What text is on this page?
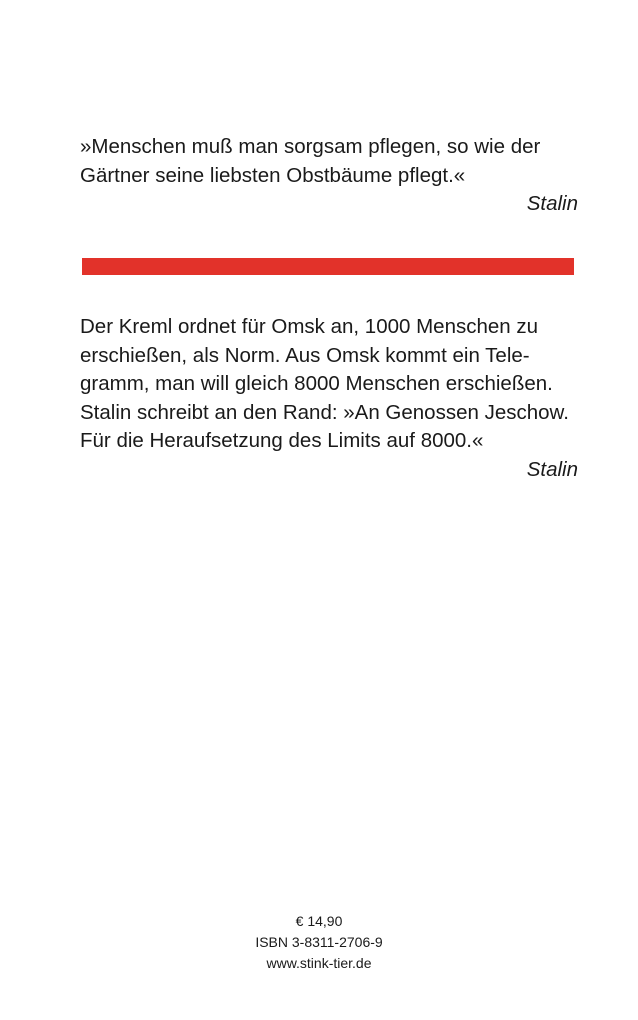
»Menschen muß man sorgsam pflegen, so wie der
Gärtner seine liebsten Obstbäume pflegt.«

Stalin

Der Kreml ordnet für Omsk an, 1000 Menschen zu
erschießen, als Norm. Aus Omsk kommt ein Tele-
gramm, man will gleich 8000 Menschen erschießen.
Stalin schreibt an den Rand: »An Genossen Jeschow.
Für die Heraufsetzung des Limits auf 8000.«

Stalin
€ 14,90
ISBN 3-8311-2706-9
www.stink-tier.de
